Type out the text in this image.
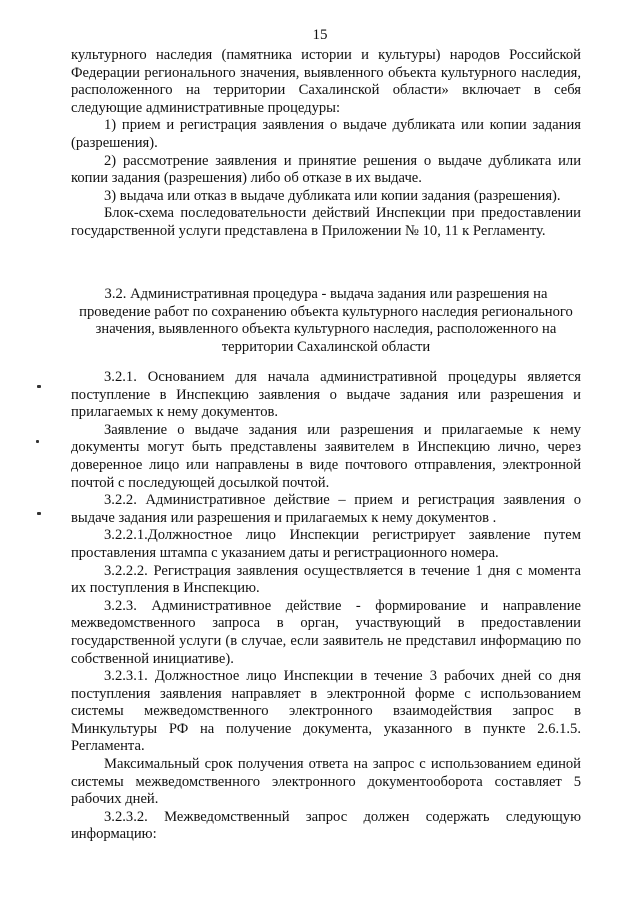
15

культурного наследия (памятника истории и культуры) народов Российской Федерации регионального значения, выявленного объекта культурного наследия, расположенного на территории Сахалинской области» включает в себя следующие административные процедуры:

1) прием и регистрация заявления о выдаче дубликата или копии задания (разрешения).

2) рассмотрение заявления и принятие решения о выдаче дубликата или копии задания (разрешения) либо об отказе в их выдаче.

3) выдача или отказ в выдаче дубликата или копии задания (разрешения).

Блок-схема последовательности действий Инспекции при предоставлении государственной услуги представлена в Приложении № 10, 11 к Регламенту.

3.2. Административная процедура - выдача задания или разрешения на проведение работ по сохранению объекта культурного наследия регионального значения, выявленного объекта культурного наследия, расположенного на территории Сахалинской области

3.2.1. Основанием для начала административной процедуры является поступление в Инспекцию заявления о выдаче задания или разрешения и прилагаемых к нему документов.

Заявление о выдаче задания или разрешения и прилагаемые к нему документы могут быть представлены заявителем в Инспекцию лично, через доверенное лицо или направлены в виде почтового отправления, электронной почтой с последующей досылкой почтой.

3.2.2. Административное действие – прием и регистрация заявления о выдаче задания или разрешения и прилагаемых к нему документов .

3.2.2.1.Должностное лицо Инспекции регистрирует заявление путем проставления штампа с указанием даты и регистрационного номера.

3.2.2.2. Регистрация заявления осуществляется в течение 1 дня с момента их поступления в Инспекцию.

3.2.3. Административное действие - формирование и направление межведомственного запроса в орган, участвующий в предоставлении государственной услуги (в случае, если заявитель не представил информацию по собственной инициативе).

3.2.3.1. Должностное лицо Инспекции в течение 3 рабочих дней со дня поступления заявления направляет в электронной форме с использованием системы межведомственного электронного взаимодействия запрос в Минкультуры РФ на получение документа, указанного в пункте 2.6.1.5. Регламента.

Максимальный срок получения ответа на запрос с использованием единой системы межведомственного электронного документооборота составляет 5 рабочих дней.

3.2.3.2. Межведомственный запрос должен содержать следующую информацию:
